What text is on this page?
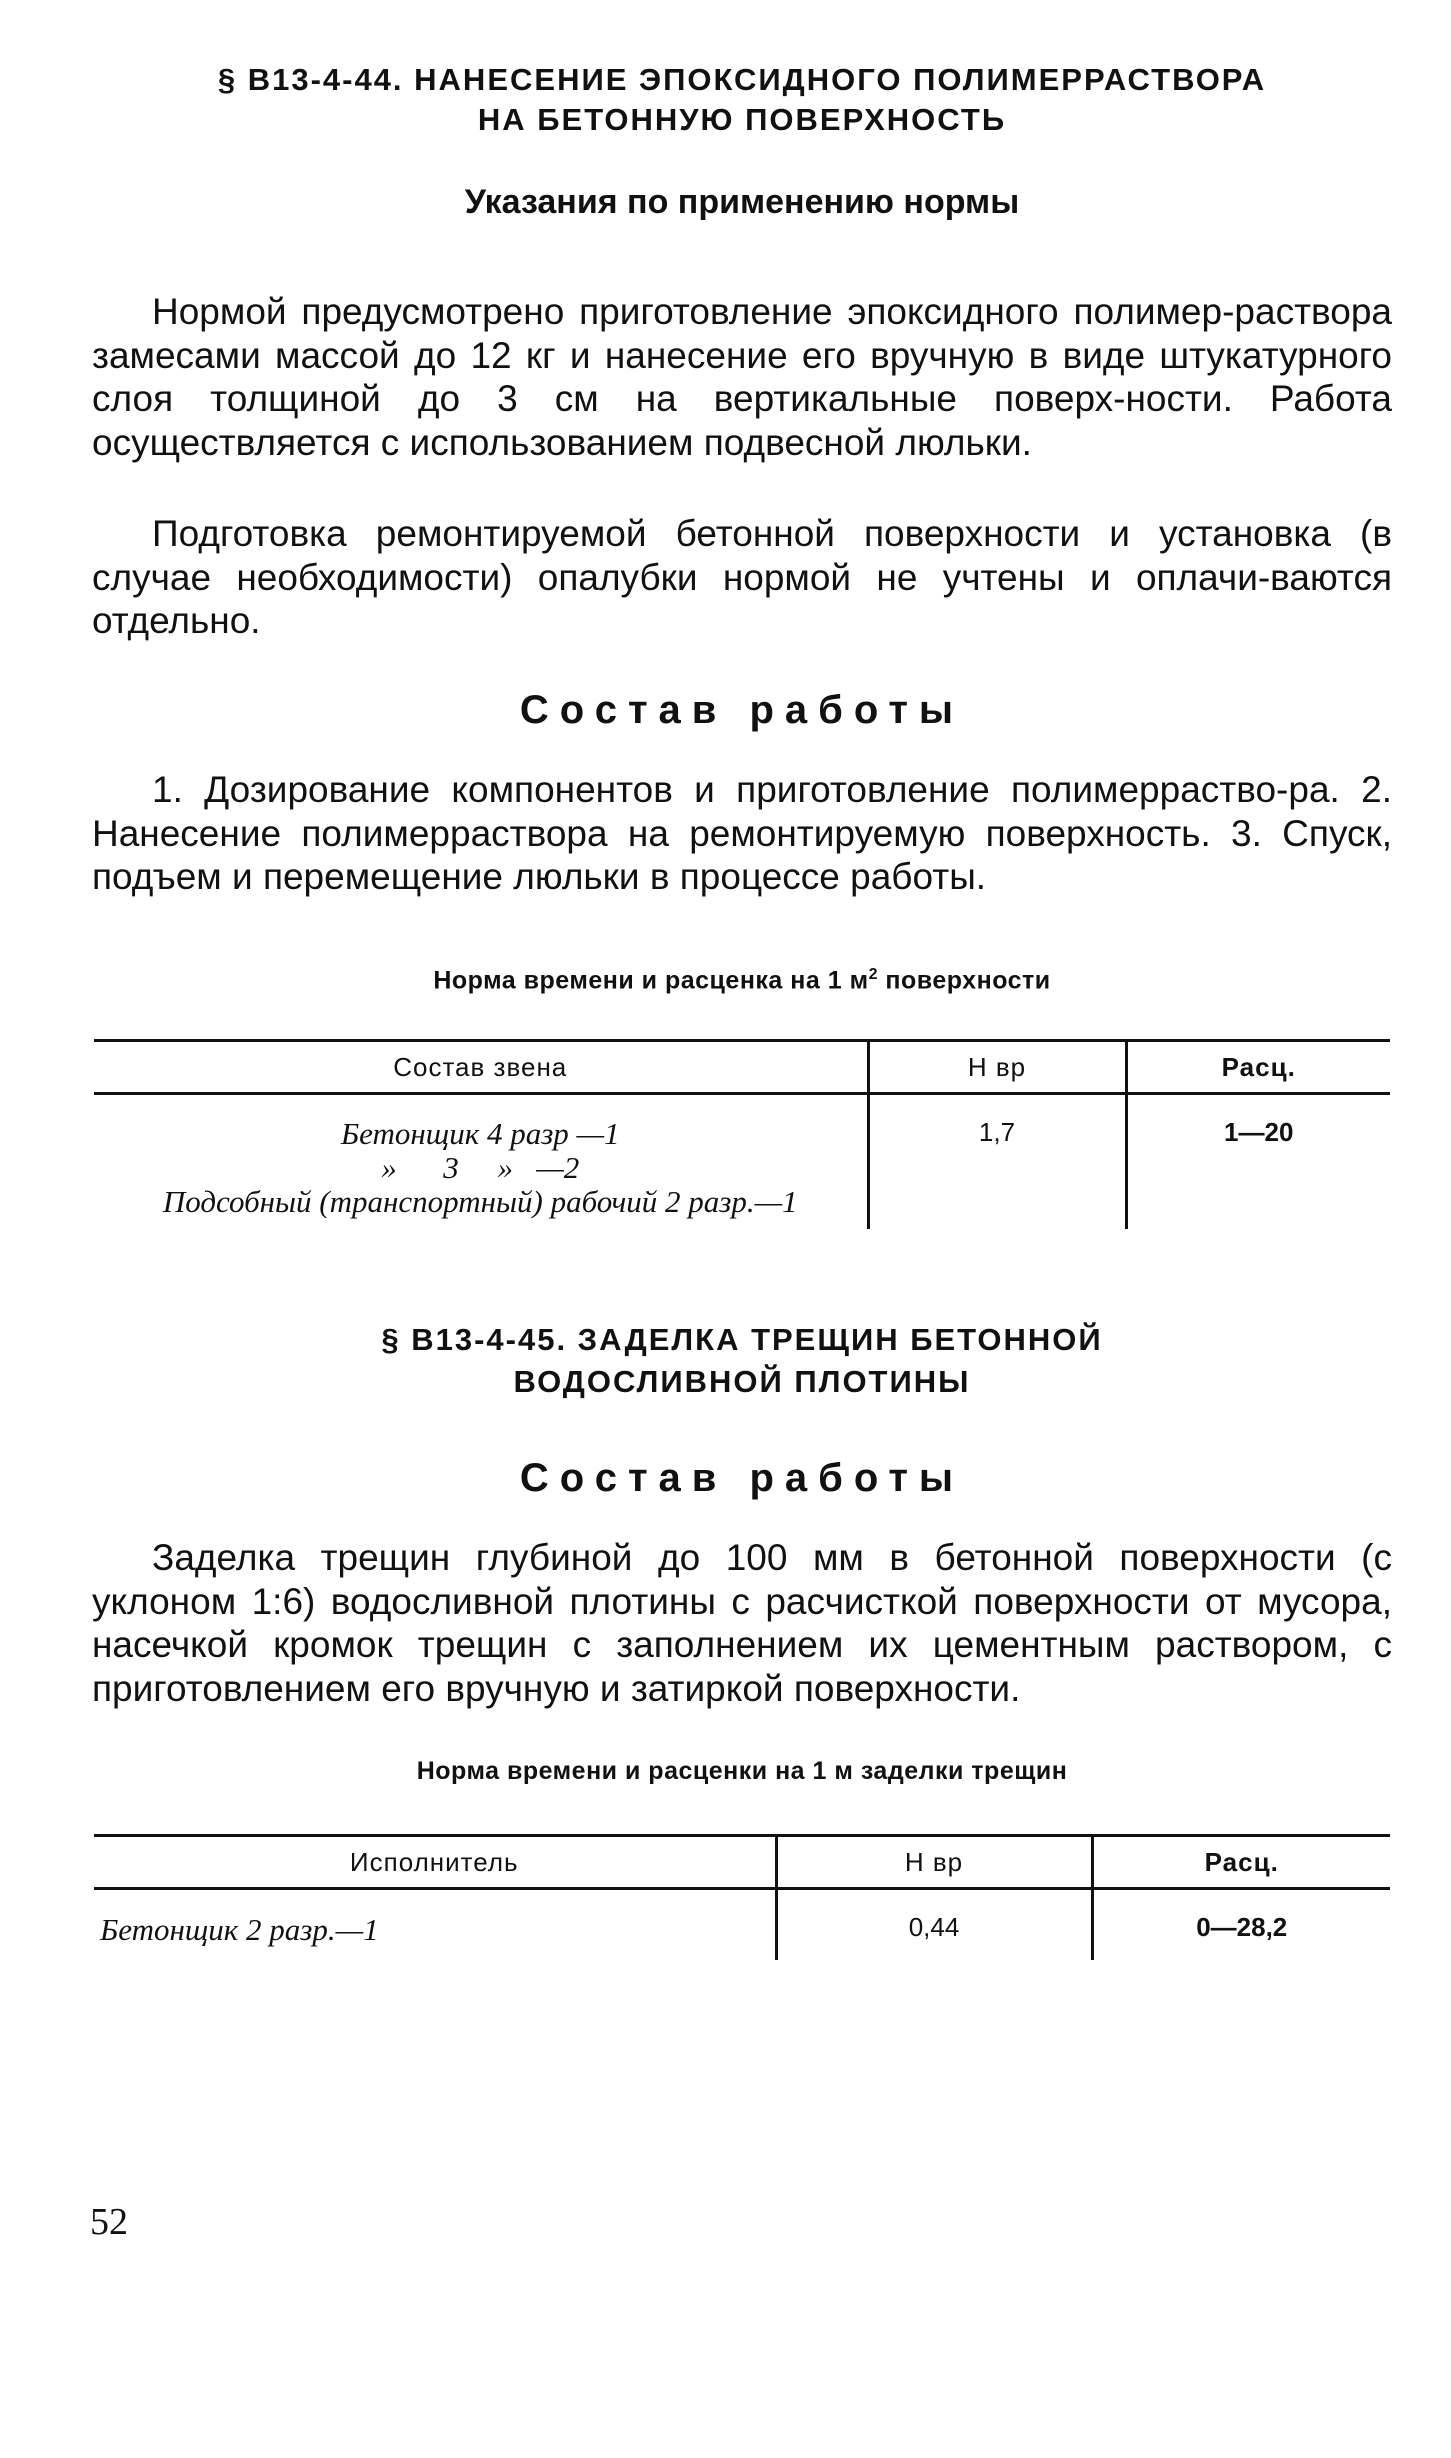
§ В13-4-44. НАНЕСЕНИЕ ЭПОКСИДНОГО ПОЛИМЕРРАСТВОРА
НА БЕТОННУЮ ПОВЕРХНОСТЬ
Указания по применению нормы

Нормой предусмотрено приготовление эпоксидного полимер-раствора замесами массой до 12 кг и нанесение его вручную в виде штукатурного слоя толщиной до 3 см на вертикальные поверх-ности. Работа осуществляется с использованием подвесной люльки.

Подготовка ремонтируемой бетонной поверхности и установка (в случае необходимости) опалубки нормой не учтены и оплачи-ваются отдельно.

Состав работы

1. Дозирование компонентов и приготовление полимерраство-ра. 2. Нанесение полимерраствора на ремонтируемую поверхность. 3. Спуск, подъем и перемещение люльки в процессе работы.

Норма времени и расценка на 1 $м^2$ поверхности
Состав звена	Н вр	Расц.

Бетонщик 4 разр —1
»      3     »   —2
Подсобный (транспортный) рабочий 2 разр.—1	1,7	1—20
§ В13-4-45. ЗАДЕЛКА ТРЕЩИН БЕТОННОЙ
ВОДОСЛИВНОЙ ПЛОТИНЫ
Состав работы

Заделка трещин глубиной до 100 мм в бетонной поверхности (с уклоном 1:6) водосливной плотины с расчисткой поверхности от мусора, насечкой кромок трещин с заполнением их цементным раствором, с приготовлением его вручную и затиркой поверхности.

Норма времени и расценки на 1 м заделки трещин
Исполнитель	Н вр	Расц.
Бетонщик 2 разр.—1	0,44	0—28,2
52
